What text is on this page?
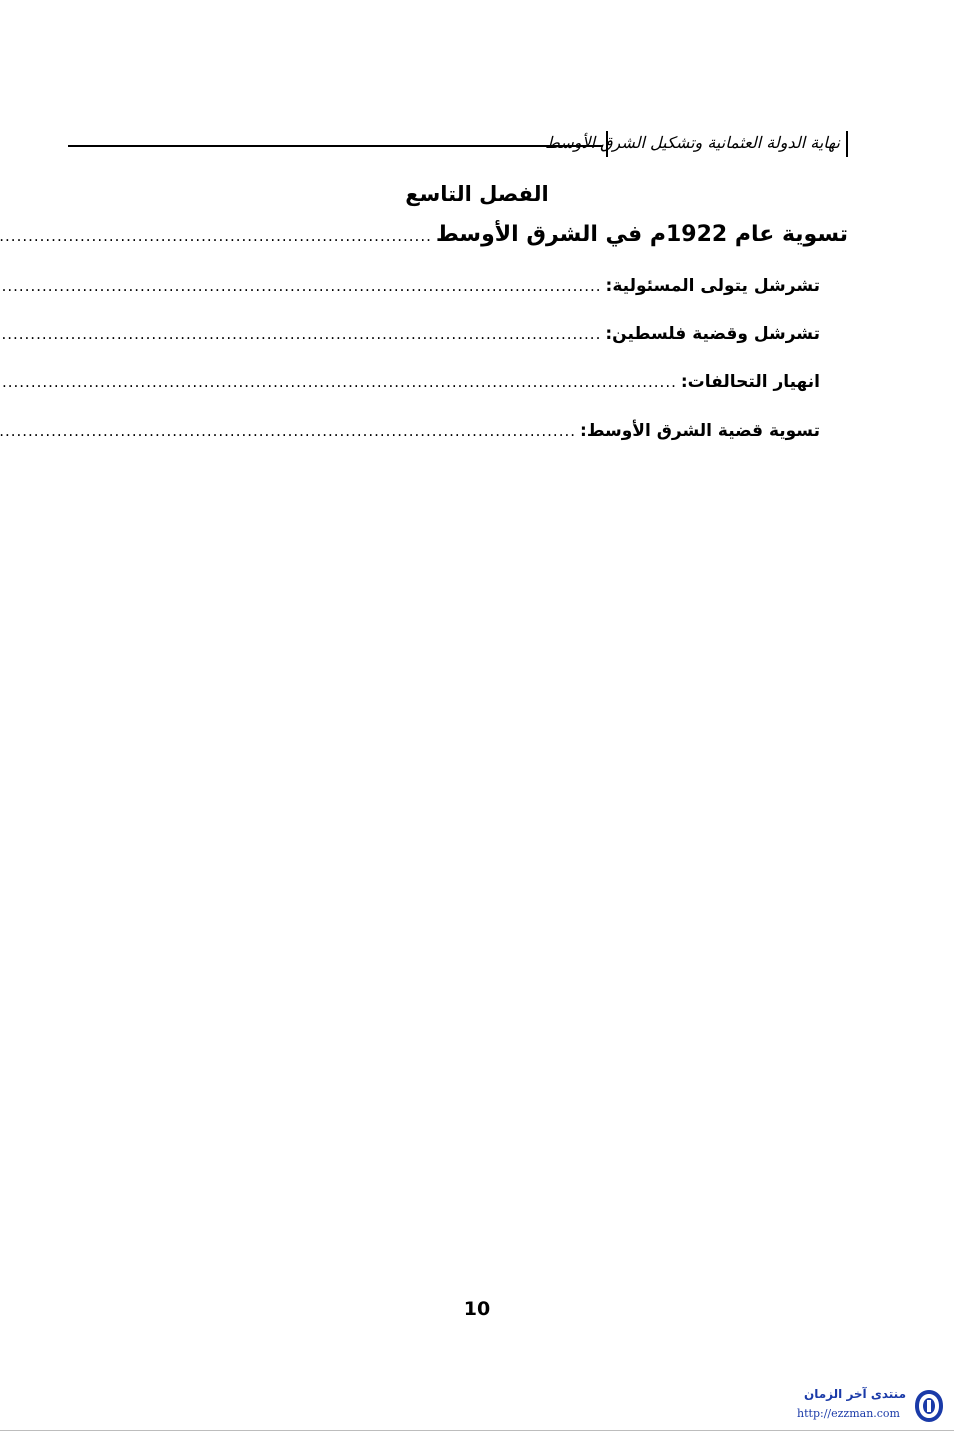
نهاية الدولة العثمانية وتشكيل الشرق الأوسط
الفصل التاسع
تسوية عام 1922م في الشرق الأوسط
.....
تشرشل يتولى المسئولية:
.....
تشرشل وقضية فلسطين:
.....
انهيار التحالفات:
.....
تسوية قضية الشرق الأوسط:
.....
10
منتدى آخر الزمان
http://ezzman.com
